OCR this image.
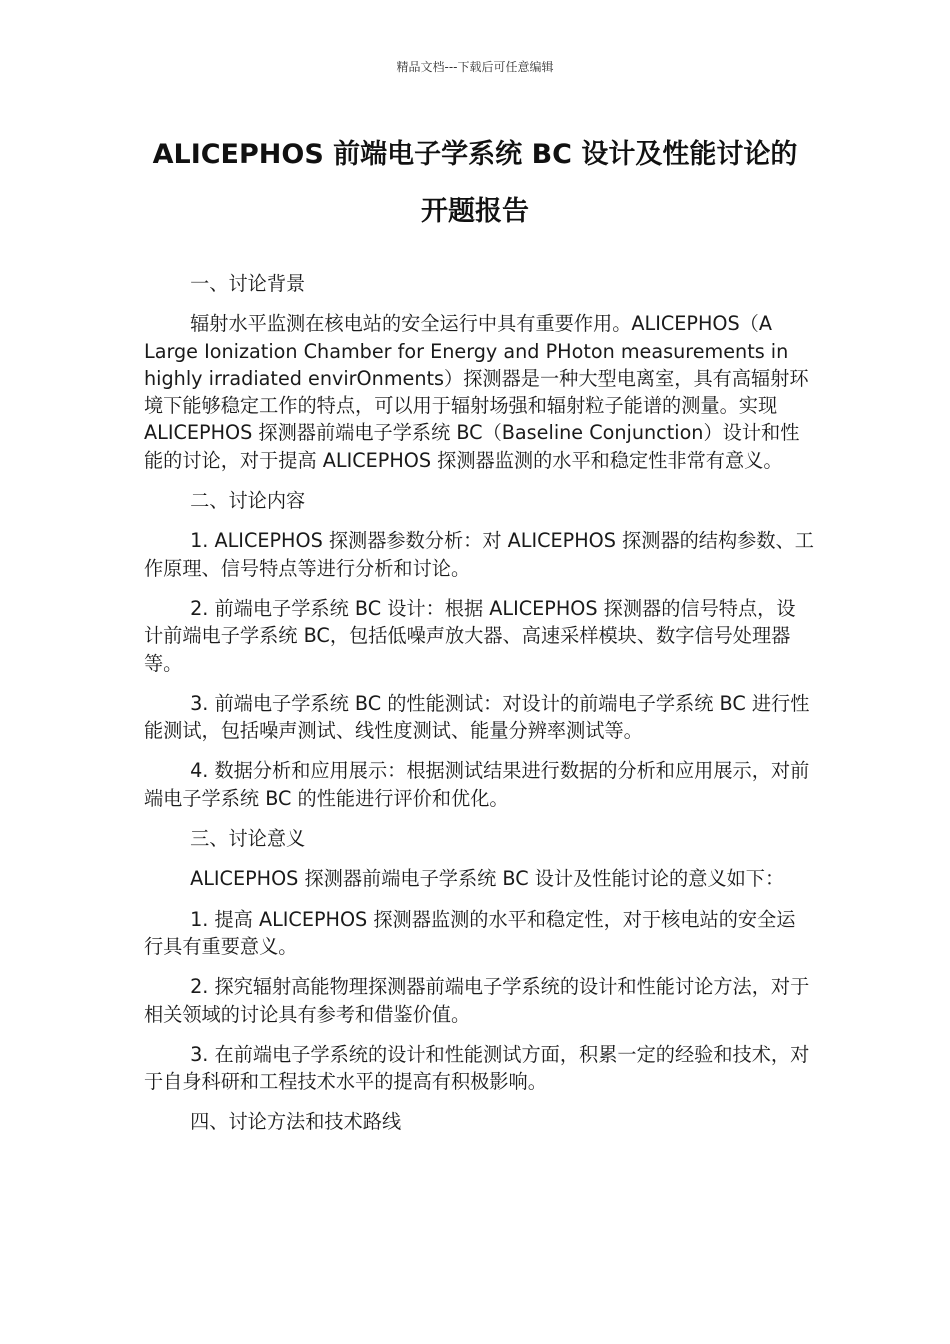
精品文档---下载后可任意编辑
ALICEPHOS 前端电子学系统 BC 设计及性能讨论的
开题报告

一、讨论背景

辐射水平监测在核电站的安全运行中具有重要作用。ALICEPHOS（A Large Ionization Chamber for Energy and PHoton measurements in highly irradiated envirOnments）探测器是一种大型电离室，具有高辐射环境下能够稳定工作的特点，可以用于辐射场强和辐射粒子能谱的测量。实现 ALICEPHOS 探测器前端电子学系统 BC（Baseline Conjunction）设计和性能的讨论，对于提高 ALICEPHOS 探测器监测的水平和稳定性非常有意义。

二、讨论内容

1. ALICEPHOS 探测器参数分析：对 ALICEPHOS 探测器的结构参数、工作原理、信号特点等进行分析和讨论。

2. 前端电子学系统 BC 设计：根据 ALICEPHOS 探测器的信号特点，设计前端电子学系统 BC，包括低噪声放大器、高速采样模块、数字信号处理器等。

3. 前端电子学系统 BC 的性能测试：对设计的前端电子学系统 BC 进行性能测试，包括噪声测试、线性度测试、能量分辨率测试等。

4. 数据分析和应用展示：根据测试结果进行数据的分析和应用展示，对前端电子学系统 BC 的性能进行评价和优化。

三、讨论意义

ALICEPHOS 探测器前端电子学系统 BC 设计及性能讨论的意义如下：

1. 提高 ALICEPHOS 探测器监测的水平和稳定性，对于核电站的安全运行具有重要意义。

2. 探究辐射高能物理探测器前端电子学系统的设计和性能讨论方法，对于相关领域的讨论具有参考和借鉴价值。

3. 在前端电子学系统的设计和性能测试方面，积累一定的经验和技术，对于自身科研和工程技术水平的提高有积极影响。

四、讨论方法和技术路线
